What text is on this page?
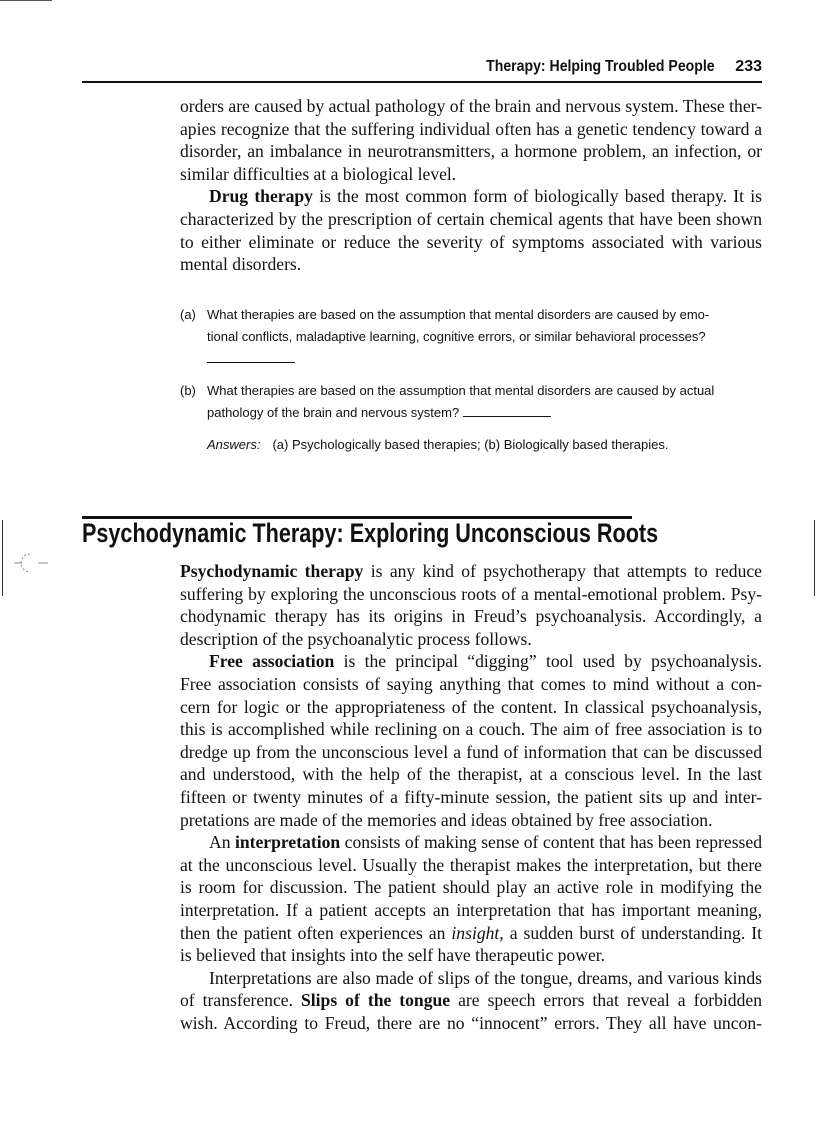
Therapy: Helping Troubled People 233
orders are caused by actual pathology of the brain and nervous system. These ther-
apies recognize that the suffering individual often has a genetic tendency toward a
disorder, an imbalance in neurotransmitters, a hormone problem, an infection, or
similar difficulties at a biological level.
Drug therapy is the most common form of biologically based therapy. It is
characterized by the prescription of certain chemical agents that have been shown
to either eliminate or reduce the severity of symptoms associated with various
mental disorders.
(a) What therapies are based on the assumption that mental disorders are caused by emo-
tional conflicts, maladaptive learning, cognitive errors, or similar behavioral processes?
(b) What therapies are based on the assumption that mental disorders are caused by actual
pathology of the brain and nervous system?
Answers: (a) Psychologically based therapies; (b) Biologically based therapies.
Psychodynamic Therapy: Exploring Unconscious Roots
Psychodynamic therapy is any kind of psychotherapy that attempts to reduce
suffering by exploring the unconscious roots of a mental-emotional problem. Psy-
chodynamic therapy has its origins in Freud’s psychoanalysis. Accordingly, a
description of the psychoanalytic process follows.
Free association is the principal “digging” tool used by psychoanalysis.
Free association consists of saying anything that comes to mind without a con-
cern for logic or the appropriateness of the content. In classical psychoanalysis,
this is accomplished while reclining on a couch. The aim of free association is to
dredge up from the unconscious level a fund of information that can be discussed
and understood, with the help of the therapist, at a conscious level. In the last
fifteen or twenty minutes of a fifty-minute session, the patient sits up and inter-
pretations are made of the memories and ideas obtained by free association.
An interpretation consists of making sense of content that has been repressed
at the unconscious level. Usually the therapist makes the interpretation, but there
is room for discussion. The patient should play an active role in modifying the
interpretation. If a patient accepts an interpretation that has important meaning,
then the patient often experiences an insight, a sudden burst of understanding. It
is believed that insights into the self have therapeutic power.
Interpretations are also made of slips of the tongue, dreams, and various kinds
of transference. Slips of the tongue are speech errors that reveal a forbidden
wish. According to Freud, there are no “innocent” errors. They all have uncon-
